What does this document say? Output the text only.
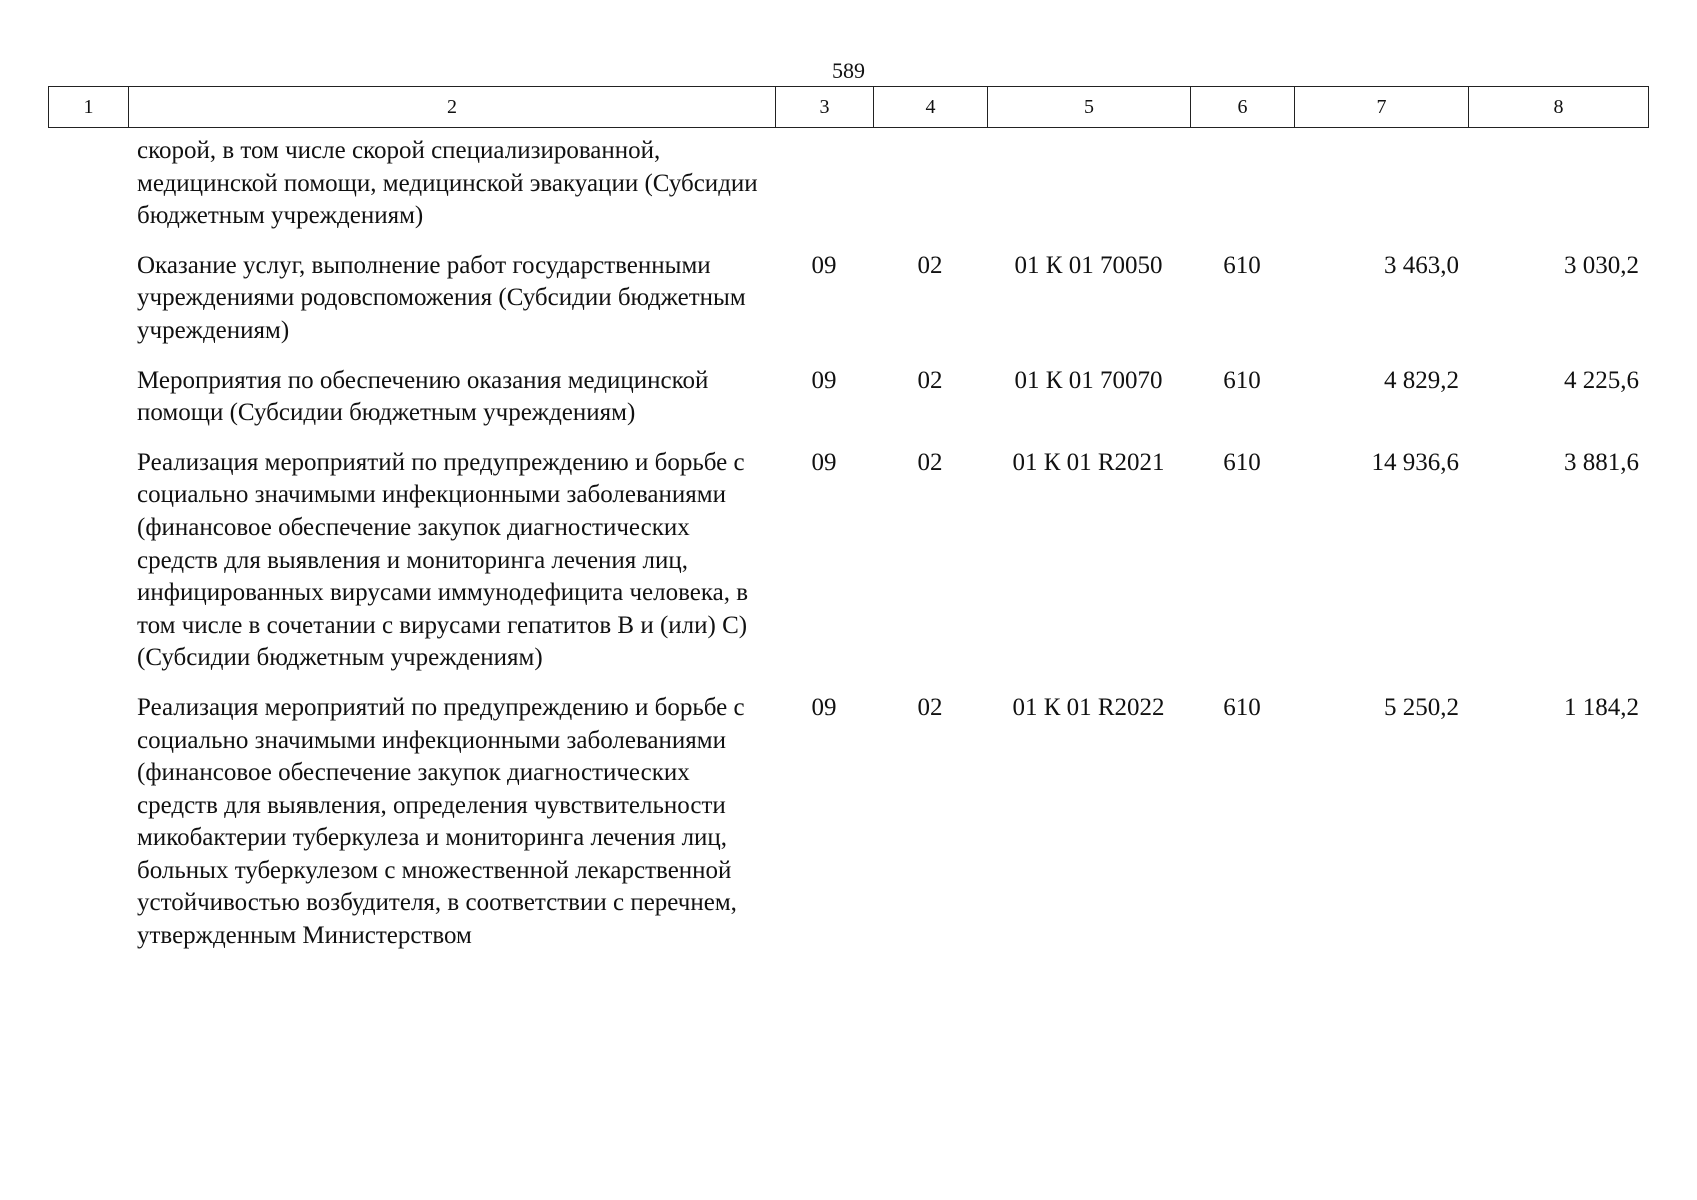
589
1	2	3	4	5	6	7	8
	скорой, в том числе скорой специализированной, медицинской помощи, медицинской эвакуации (Субсидии бюджетным учреждениям)						
	Оказание услуг, выполнение работ государственными учреждениями родовспоможения (Субсидии бюджетным учреждениям)	09	02	01 К 01 70050	610	3 463,0	3 030,2
	Мероприятия по обеспечению оказания медицинской помощи (Субсидии бюджетным учреждениям)	09	02	01 К 01 70070	610	4 829,2	4 225,6
	Реализация мероприятий по предупреждению и борьбе с социально значимыми инфекционными заболеваниями (финансовое обеспечение закупок диагностических средств для выявления и мониторинга лечения лиц, инфицированных вирусами иммунодефицита человека, в том числе в сочетании с вирусами гепатитов B и (или) C) (Субсидии бюджетным учреждениям)	09	02	01 К 01 R2021	610	14 936,6	3 881,6
	Реализация мероприятий по предупреждению и борьбе с социально значимыми инфекционными заболеваниями (финансовое обеспечение закупок диагностических средств для выявления, определения чувствительности микобактерии туберкулеза и мониторинга лечения лиц, больных туберкулезом с множественной лекарственной устойчивостью возбудителя, в соответствии с перечнем, утвержденным Министерством	09	02	01 К 01 R2022	610	5 250,2	1 184,2
